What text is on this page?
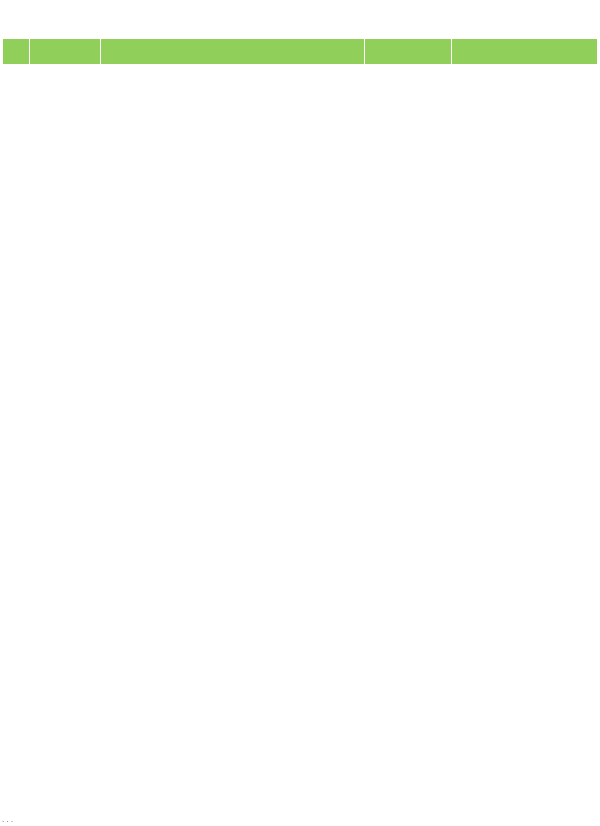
· · ·
